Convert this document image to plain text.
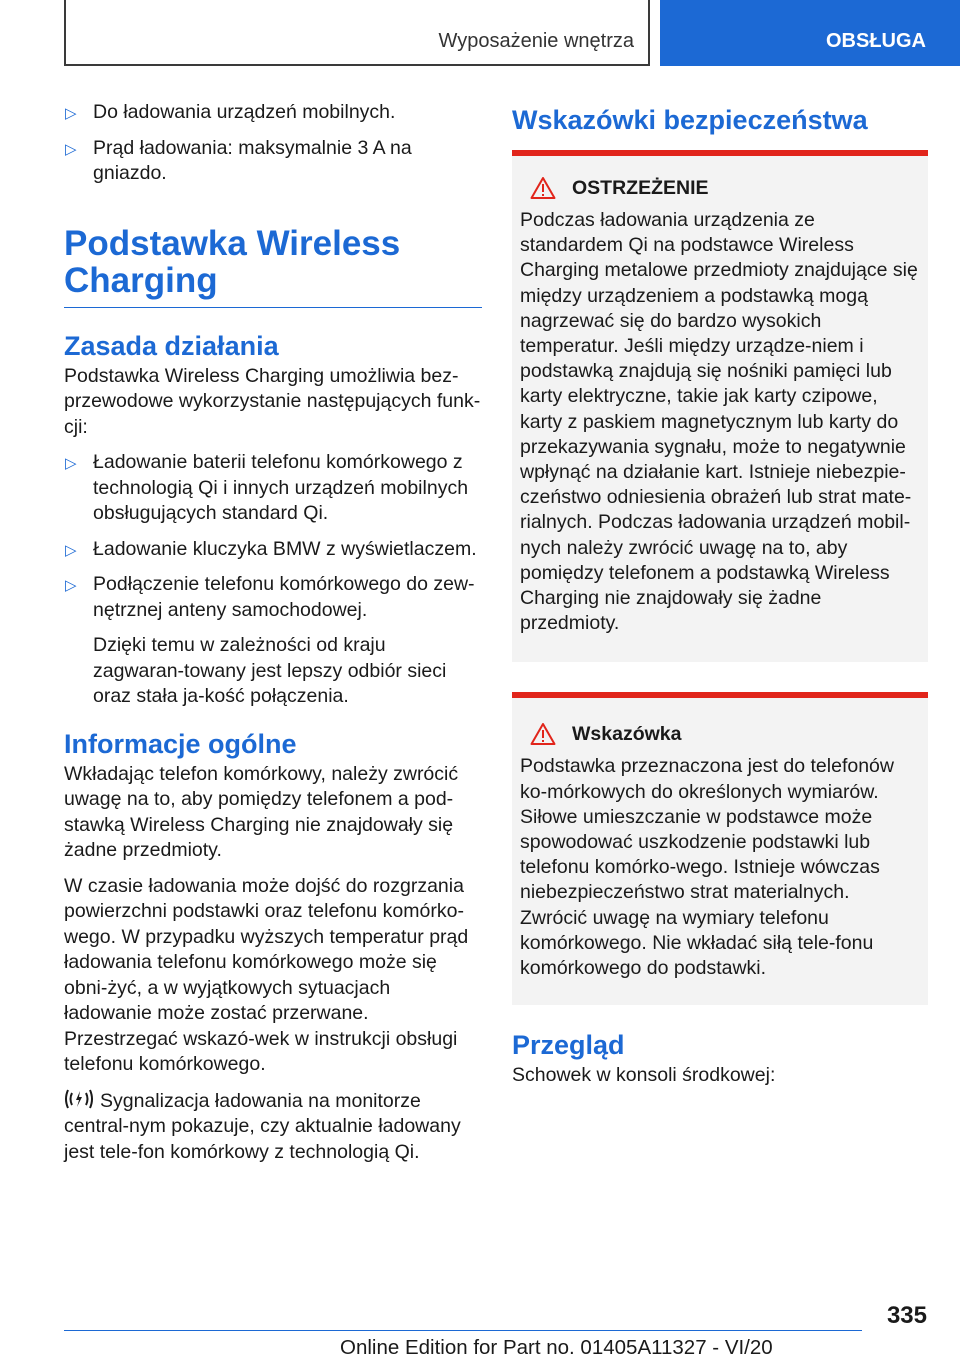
Wyposażenie wnętrza	OBSŁUGA
▷ Do ładowania urządzeń mobilnych.
▷ Prąd ładowania: maksymalnie 3 A na gniazdo.
Podstawka Wireless Charging
Zasada działania

Podstawka Wireless Charging umożliwia bez-przewodowe wykorzystanie następujących funk-cji:

▷ Ładowanie baterii telefonu komórkowego z technologią Qi i innych urządzeń mobilnych obsługujących standard Qi.
▷ Ładowanie kluczyka BMW z wyświetlaczem.
▷ Podłączenie telefonu komórkowego do zew-nętrznej anteny samochodowej.

Dzięki temu w zależności od kraju zagwaran-towany jest lepszy odbiór sieci oraz stała ja-kość połączenia.

Informacje ogólne

Wkładając telefon komórkowy, należy zwrócić uwagę na to, aby pomiędzy telefonem a pod-stawką Wireless Charging nie znajdowały się żadne przedmioty.

W czasie ładowania może dojść do rozgrzania powierzchni podstawki oraz telefonu komórko-wego. W przypadku wyższych temperatur prąd ładowania telefonu komórkowego może się obni-żyć, a w wyjątkowych sytuacjach ładowanie może zostać przerwane. Przestrzegać wskazó-wek w instrukcji obsługi telefonu komórkowego.

Sygnalizacja ładowania na monitorze central-nym pokazuje, czy aktualnie ładowany jest tele-fon komórkowy z technologią Qi.

Wskazówki bezpieczeństwa
OSTRZEŻENIE

Podczas ładowania urządzenia ze standardem Qi na podstawce Wireless Charging metalowe przedmioty znajdujące się między urządzeniem a podstawką mogą nagrzewać się do bardzo wysokich temperatur. Jeśli między urządze-niem i podstawką znajdują się nośniki pamięci lub karty elektryczne, takie jak karty czipowe, karty z paskiem magnetycznym lub karty do przekazywania sygnału, może to negatywnie wpłynąć na działanie kart. Istnieje niebezpie-czeństwo odniesienia obrażeń lub strat mate-rialnych. Podczas ładowania urządzeń mobil-nych należy zwrócić uwagę na to, aby pomiędzy telefonem a podstawką Wireless Charging nie znajdowały się żadne przedmioty.

Wskazówka

Podstawka przeznaczona jest do telefonów ko-mórkowych do określonych wymiarów. Siłowe umieszczanie w podstawce może spowodować uszkodzenie podstawki lub telefonu komórko-wego. Istnieje wówczas niebezpieczeństwo strat materialnych. Zwrócić uwagę na wymiary telefonu komórkowego. Nie wkładać siłą tele-fonu komórkowego do podstawki.

Przegląd

Schowek w konsoli środkowej:

335
Online Edition for Part no. 01405A11327 - VI/20
